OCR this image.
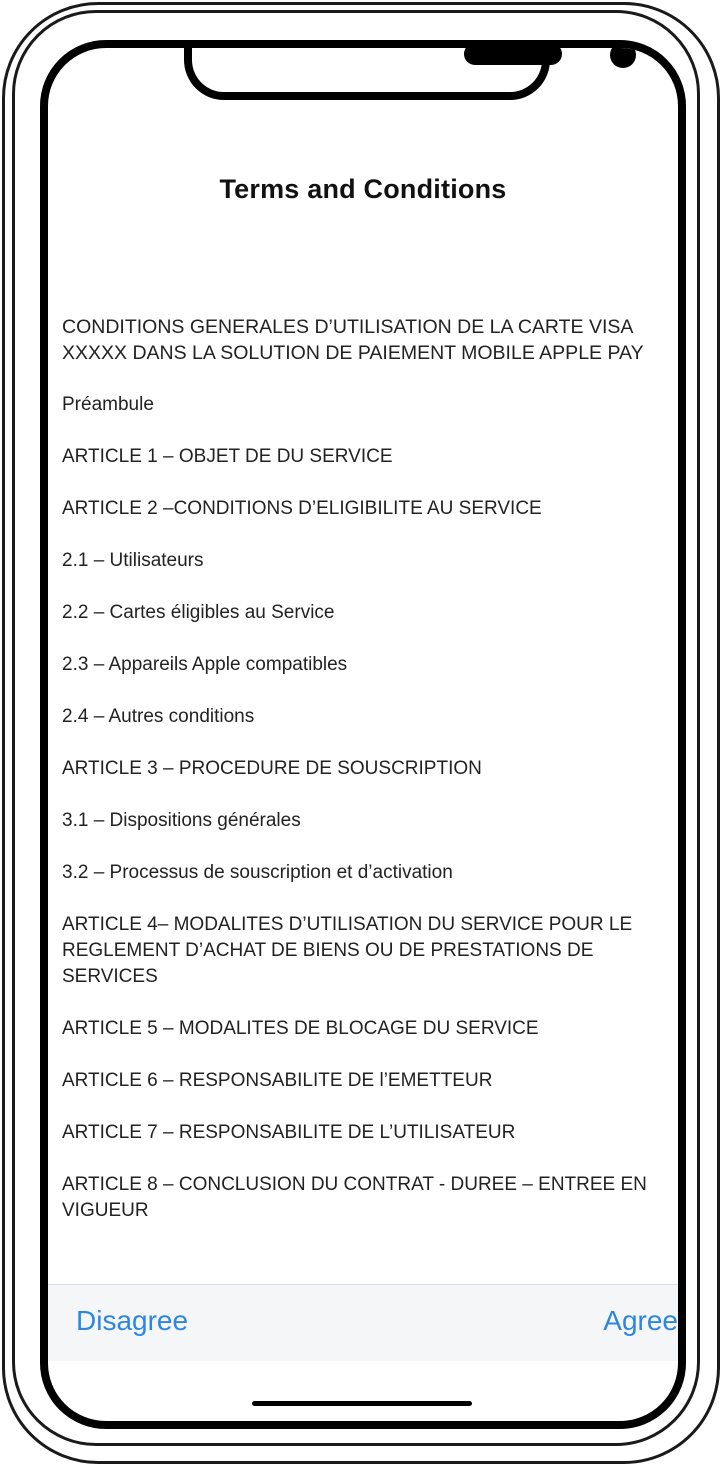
Terms and Conditions
CONDITIONS GENERALES D’UTILISATION DE LA CARTE VISA XXXXX DANS LA SOLUTION DE PAIEMENT MOBILE APPLE PAY
Préambule
ARTICLE 1 – OBJET DE DU SERVICE
ARTICLE 2 –CONDITIONS D’ELIGIBILITE AU SERVICE
2.1 – Utilisateurs
2.2 – Cartes éligibles au Service
2.3 – Appareils Apple compatibles
2.4 – Autres conditions
ARTICLE 3 – PROCEDURE DE SOUSCRIPTION
3.1 – Dispositions générales
3.2 – Processus de souscription et d’activation
ARTICLE 4– MODALITES D’UTILISATION DU SERVICE POUR LE REGLEMENT D’ACHAT DE BIENS OU DE PRESTATIONS DE SERVICES
ARTICLE 5 – MODALITES DE BLOCAGE DU SERVICE
ARTICLE 6 – RESPONSABILITE DE l’EMETTEUR
ARTICLE 7 – RESPONSABILITE DE L’UTILISATEUR
ARTICLE 8 – CONCLUSION DU CONTRAT - DUREE – ENTREE EN VIGUEUR
Disagree	Agree
